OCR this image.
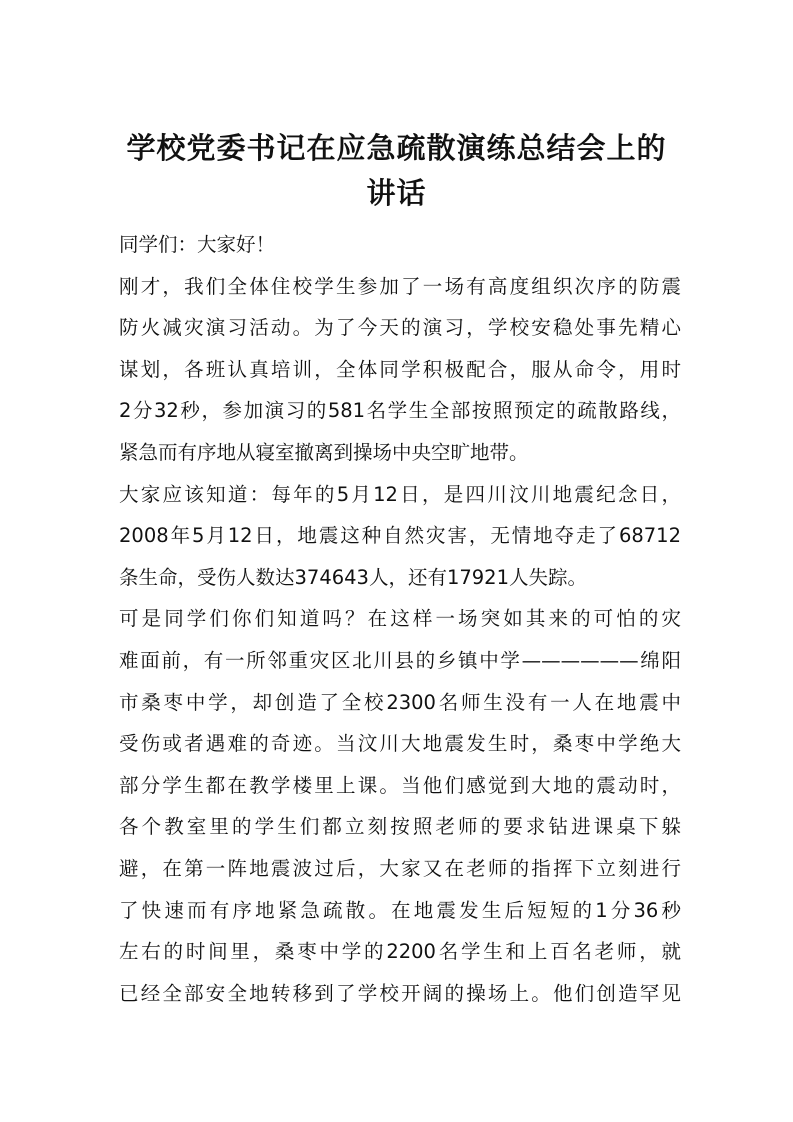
学校党委书记在应急疏散演练总结会上的
讲话
同学们：大家好！
刚才，我们全体住校学生参加了一场有高度组织次序的防震
防火减灾演习活动。为了今天的演习，学校安稳处事先精心
谋划，各班认真培训，全体同学积极配合，服从命令，用时
2分32秒，参加演习的581名学生全部按照预定的疏散路线，
紧急而有序地从寝室撤离到操场中央空旷地带。
大家应该知道：每年的5月12日，是四川汶川地震纪念日，
2008年5月12日，地震这种自然灾害，无情地夺走了68712
条生命，受伤人数达374643人，还有17921人失踪。
可是同学们你们知道吗？在这样一场突如其来的可怕的灾
难面前，有一所邻重灾区北川县的乡镇中学——————绵阳
市桑枣中学，却创造了全校2300名师生没有一人在地震中
受伤或者遇难的奇迹。当汶川大地震发生时，桑枣中学绝大
部分学生都在教学楼里上课。当他们感觉到大地的震动时，
各个教室里的学生们都立刻按照老师的要求钻进课桌下躲
避，在第一阵地震波过后，大家又在老师的指挥下立刻进行
了快速而有序地紧急疏散。在地震发生后短短的1分36秒
左右的时间里，桑枣中学的2200名学生和上百名老师，就
已经全部安全地转移到了学校开阔的操场上。他们创造罕见
